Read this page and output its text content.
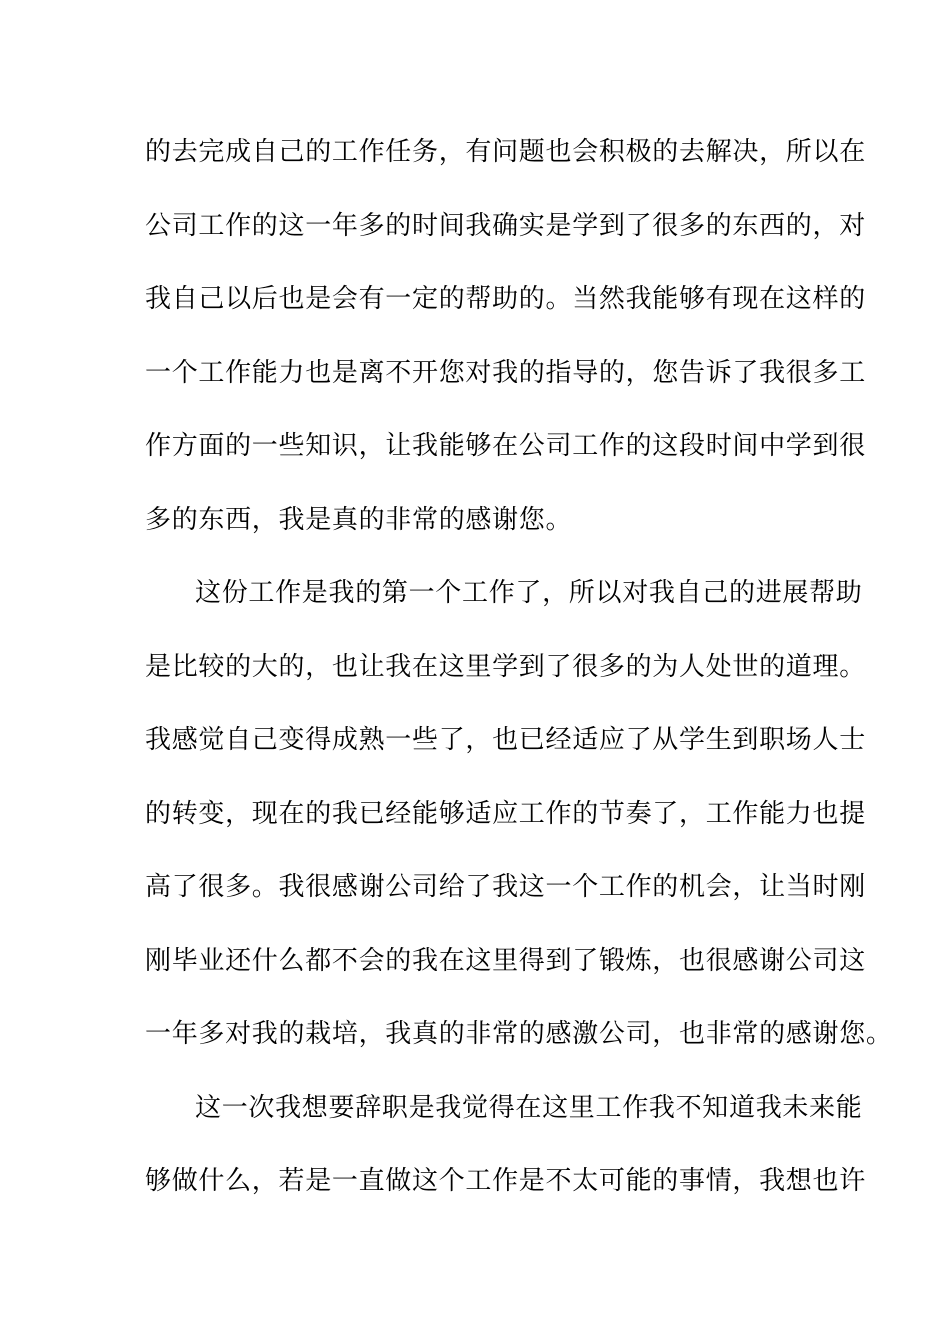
的去完成自己的工作任务，有问题也会积极的去解决，所以在
公司工作的这一年多的时间我确实是学到了很多的东西的，对
我自己以后也是会有一定的帮助的。当然我能够有现在这样的
一个工作能力也是离不开您对我的指导的，您告诉了我很多工
作方面的一些知识，让我能够在公司工作的这段时间中学到很
多的东西，我是真的非常的感谢您。
这份工作是我的第一个工作了，所以对我自己的进展帮助
是比较的大的，也让我在这里学到了很多的为人处世的道理。
我感觉自己变得成熟一些了，也已经适应了从学生到职场人士
的转变，现在的我已经能够适应工作的节奏了，工作能力也提
高了很多。我很感谢公司给了我这一个工作的机会，让当时刚
刚毕业还什么都不会的我在这里得到了锻炼，也很感谢公司这
一年多对我的栽培，我真的非常的感激公司，也非常的感谢您。
这一次我想要辞职是我觉得在这里工作我不知道我未来能
够做什么，若是一直做这个工作是不太可能的事情，我想也许
